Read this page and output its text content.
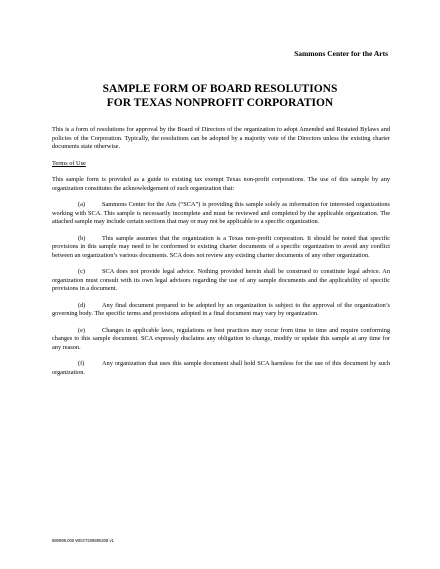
Sammons Center for the Arts
SAMPLE FORM OF BOARD RESOLUTIONS
FOR TEXAS NONPROFIT CORPORATION

This is a form of resolutions for approval by the Board of Directors of the organization to adopt Amended and Restated Bylaws and policies of the Corporation. Typically, the resolutions can be adopted by a majority vote of the Directors unless the existing charter documents state otherwise.

Terms of Use

This sample form is provided as a guide to existing tax exempt Texas non-profit corporations. The use of this sample by any organization constitutes the acknowledgement of such organization that:

(a)	Sammons Center for the Arts (“SCA”) is providing this sample solely as information for interested organizations working with SCA. This sample is necessarily incomplete and must be reviewed and completed by the applicable organization. The attached sample may include certain sections that may or may not be applicable to a specific organization.

(b)	This sample assumes that the organization is a Texas non-profit corporation. It should be noted that specific provisions in this sample may need to be conformed to existing charter documents of a specific organization to avoid any conflict between an organization’s various documents. SCA does not review any existing charter documents of any other organization.

(c)	SCA does not provide legal advice. Nothing provided herein shall be construed to constitute legal advice. An organization must consult with its own legal advisors regarding the use of any sample documents and the applicability of specific provisions in a document.

(d)	Any final document prepared to be adopted by an organization is subject to the approval of the organization’s governing body. The specific terms and provisions adopted in a final document may vary by organization.

(e)	Changes in applicable laws, regulations or best practices may occur from time to time and require conforming changes to this sample document. SCA expressly disclaims any obligation to change, modify or update this sample at any time for any reason.

(f)	Any organization that uses this sample document shall hold SCA harmless for the use of this document by such organization.

880899.000 WEST209890208 v1
